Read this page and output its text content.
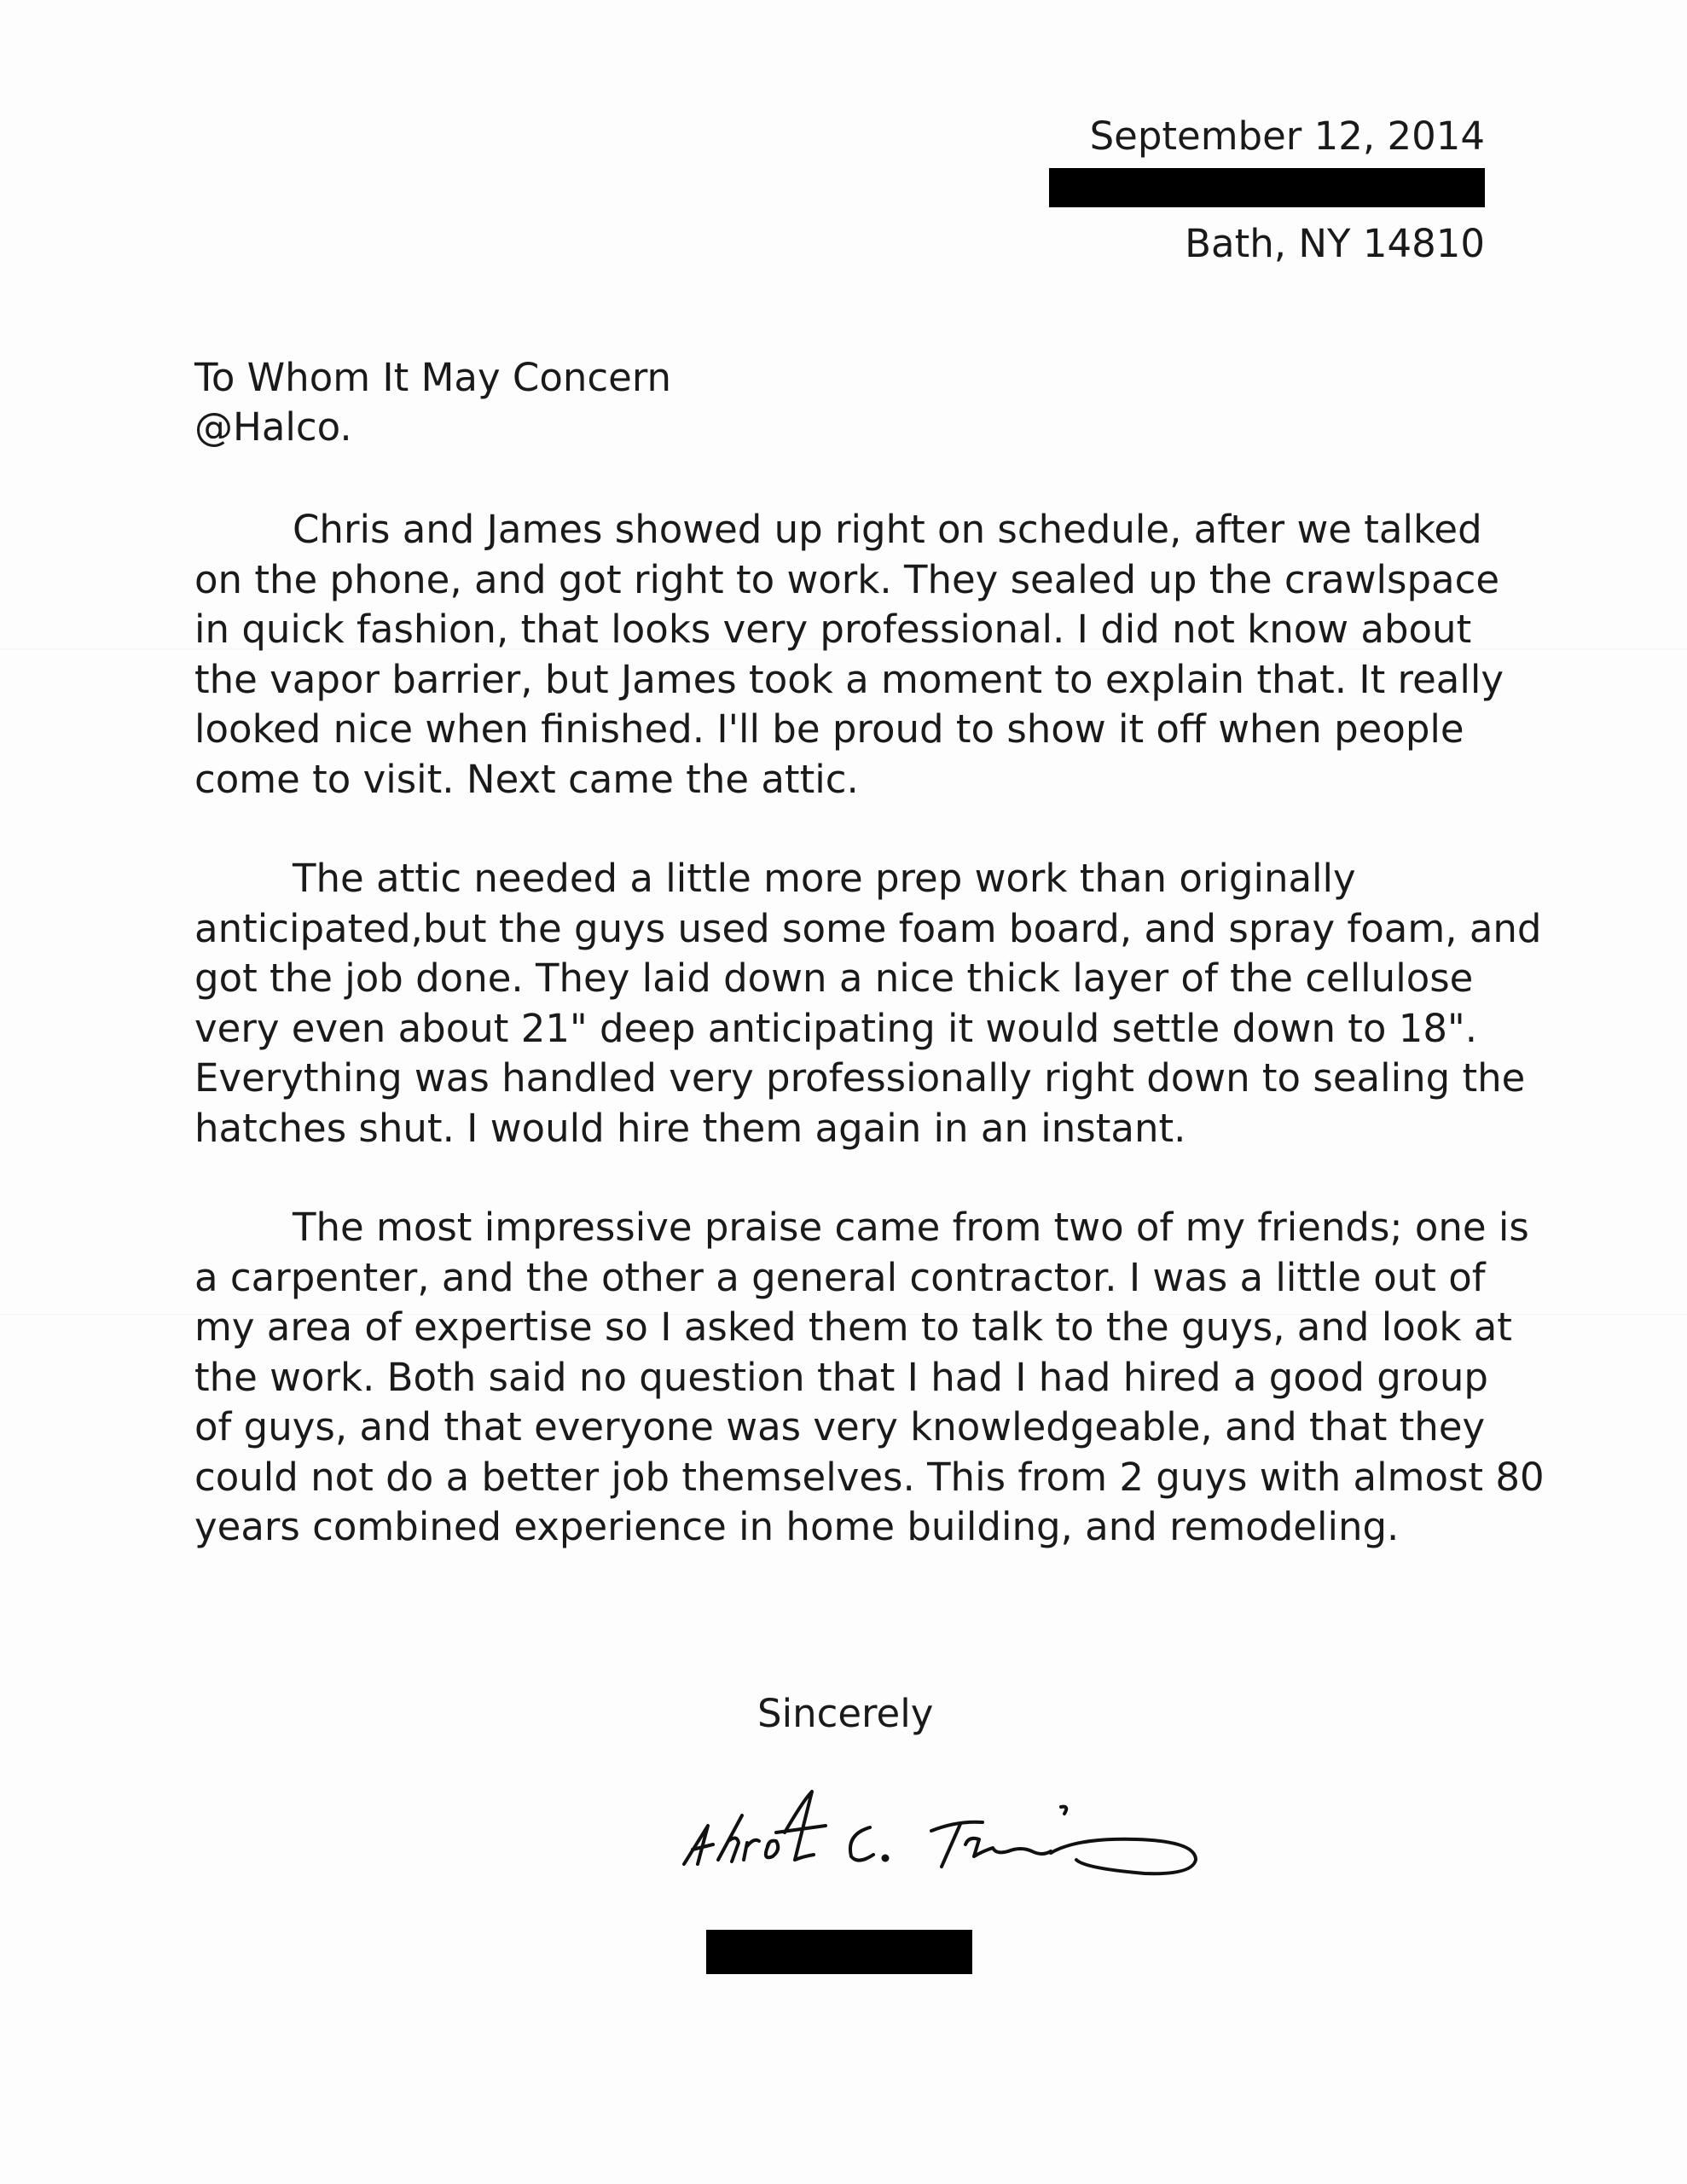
September 12, 2014
Bath, NY 14810
To Whom It May Concern
@Halco.
Chris and James showed up right on schedule, after we talked
on the phone, and got right to work. They sealed up the crawlspace
in quick fashion, that looks very professional. I did not know about
the vapor barrier, but James took a moment to explain that. It really
looked nice when finished. I'll be proud to show it off when people
come to visit. Next came the attic.
The attic needed a little more prep work than originally
anticipated,but the guys used some foam board, and spray foam, and
got the job done. They laid down a nice thick layer of the cellulose
very even about 21" deep anticipating it would settle down to 18".
Everything was handled very professionally right down to sealing the
hatches shut. I would hire them again in an instant.
The most impressive praise came from two of my friends; one is
a carpenter, and the other a general contractor. I was a little out of
my area of expertise so I asked them to talk to the guys, and look at
the work. Both said no question that I had I had hired a good group
of guys, and that everyone was very knowledgeable, and that they
could not do a better job themselves. This from 2 guys with almost 80
years combined experience in home building, and remodeling.
Sincerely
